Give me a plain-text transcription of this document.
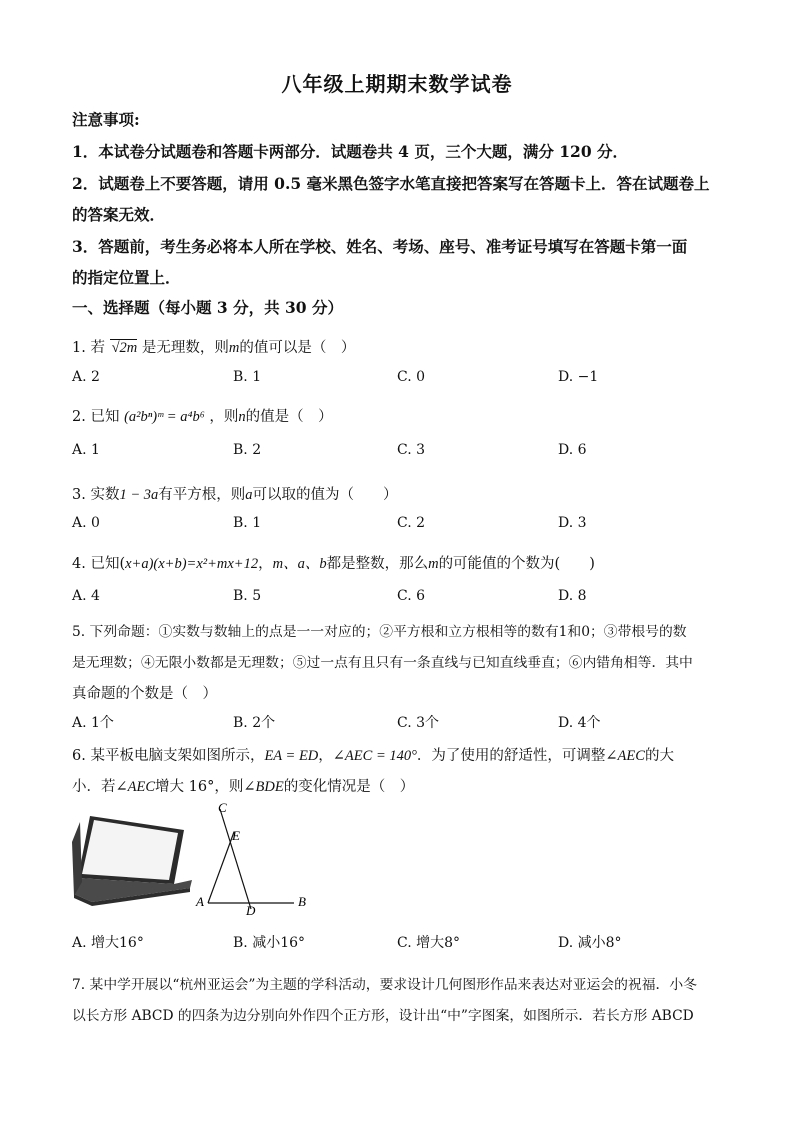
八年级上期期末数学试卷
注意事项:
1．本试卷分试题卷和答题卡两部分．试题卷共 4 页，三个大题，满分 120 分．
2．试题卷上不要答题，请用 0.5 毫米黑色签字水笔直接把答案写在答题卡上．答在试题卷上
的答案无效．
3．答题前，考生务必将本人所在学校、姓名、考场、座号、准考证号填写在答题卡第一面
的指定位置上．
一、选择题（每小题 3 分，共 30 分）
1. 若 √2m 是无理数，则m的值可以是（　）
A. 2	B. 1	C. 0	D. −1
2. 已知 (a²bⁿ)ᵐ = a⁴b⁶ ，则n的值是（　）
A. 1	B. 2	C. 3	D. 6
3. 实数1 − 3a有平方根，则a可以取的值为（　　）
A. 0	B. 1	C. 2	D. 3
4. 已知(x+a)(x+b)=x²+mx+12，m、a、b都是整数，那么m的可能值的个数为(　　)
A. 4	B. 5	C. 6	D. 8
5. 下列命题：①实数与数轴上的点是一一对应的；②平方根和立方根相等的数有1和0；③带根号的数
是无理数；④无限小数都是无理数；⑤过一点有且只有一条直线与已知直线垂直；⑥内错角相等．其中
真命题的个数是（　）
A. 1个	B. 2个	C. 3个	D. 4个
6. 某平板电脑支架如图所示，EA = ED，∠AEC = 140°．为了使用的舒适性，可调整∠AEC的大
小．若∠AEC增大 16°，则∠BDE的变化情况是（　）
C
E
A
D
B
A. 增大16°	B. 减小16°	C. 增大8°	D. 减小8°
7. 某中学开展以“杭州亚运会”为主题的学科活动，要求设计几何图形作品来表达对亚运会的祝福．小冬
以长方形 ABCD 的四条为边分别向外作四个正方形，设计出“中”字图案，如图所示．若长方形 ABCD
